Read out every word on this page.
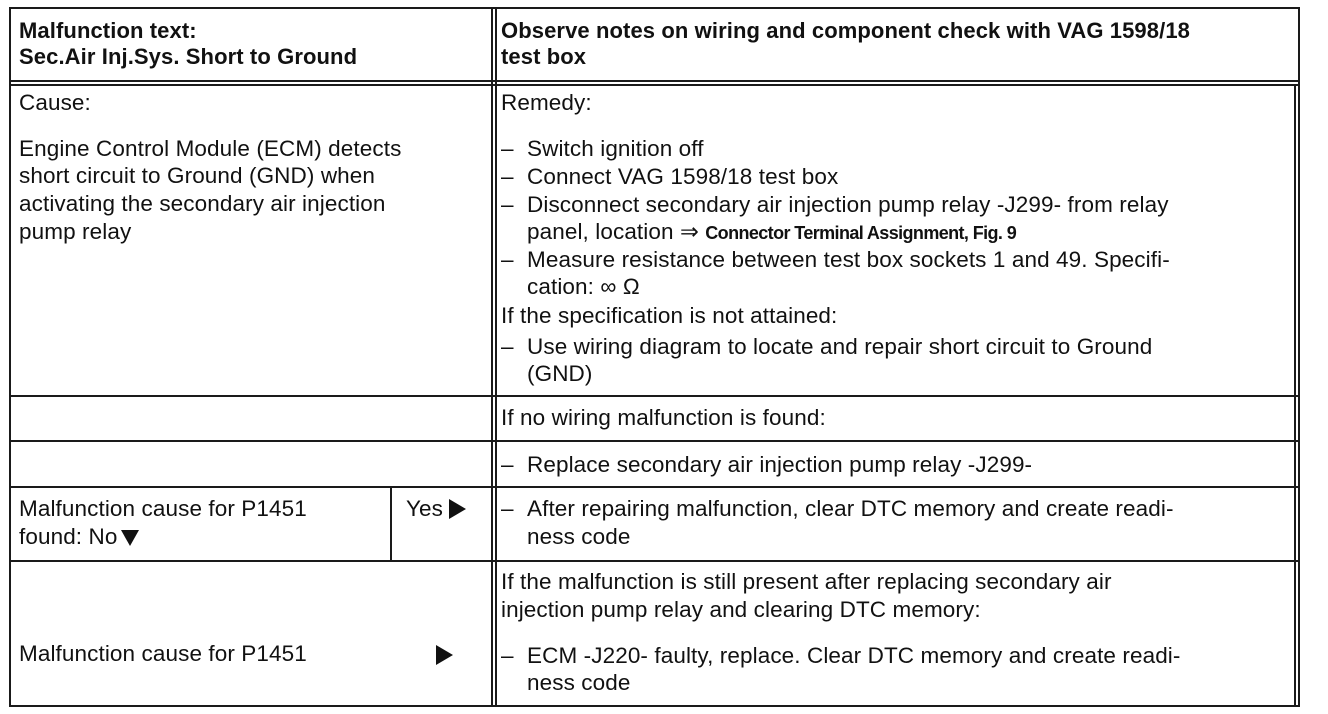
Malfunction text:
Sec.Air Inj.Sys. Short to Ground
Observe notes on wiring and component check with VAG 1598/18
test box
Cause:
Engine Control Module (ECM) detects
short circuit to Ground (GND) when
activating the secondary air injection
pump relay
Remedy:
– Switch ignition off
– Connect VAG 1598/18 test box
– Disconnect secondary air injection pump relay -J299- from relay
panel, location ⇒ Connector Terminal Assignment, Fig. 9
– Measure resistance between test box sockets 1 and 49. Specifi-
cation: ∞ Ω
If the specification is not attained:
– Use wiring diagram to locate and repair short circuit to Ground
(GND)
If no wiring malfunction is found:
– Replace secondary air injection pump relay -J299-
Malfunction cause for P1451
found: No
Yes	– After repairing malfunction, clear DTC memory and create readi-
ness code
Malfunction cause for P1451
If the malfunction is still present after replacing secondary air
injection pump relay and clearing DTC memory:
– ECM -J220- faulty, replace. Clear DTC memory and create readi-
ness code
